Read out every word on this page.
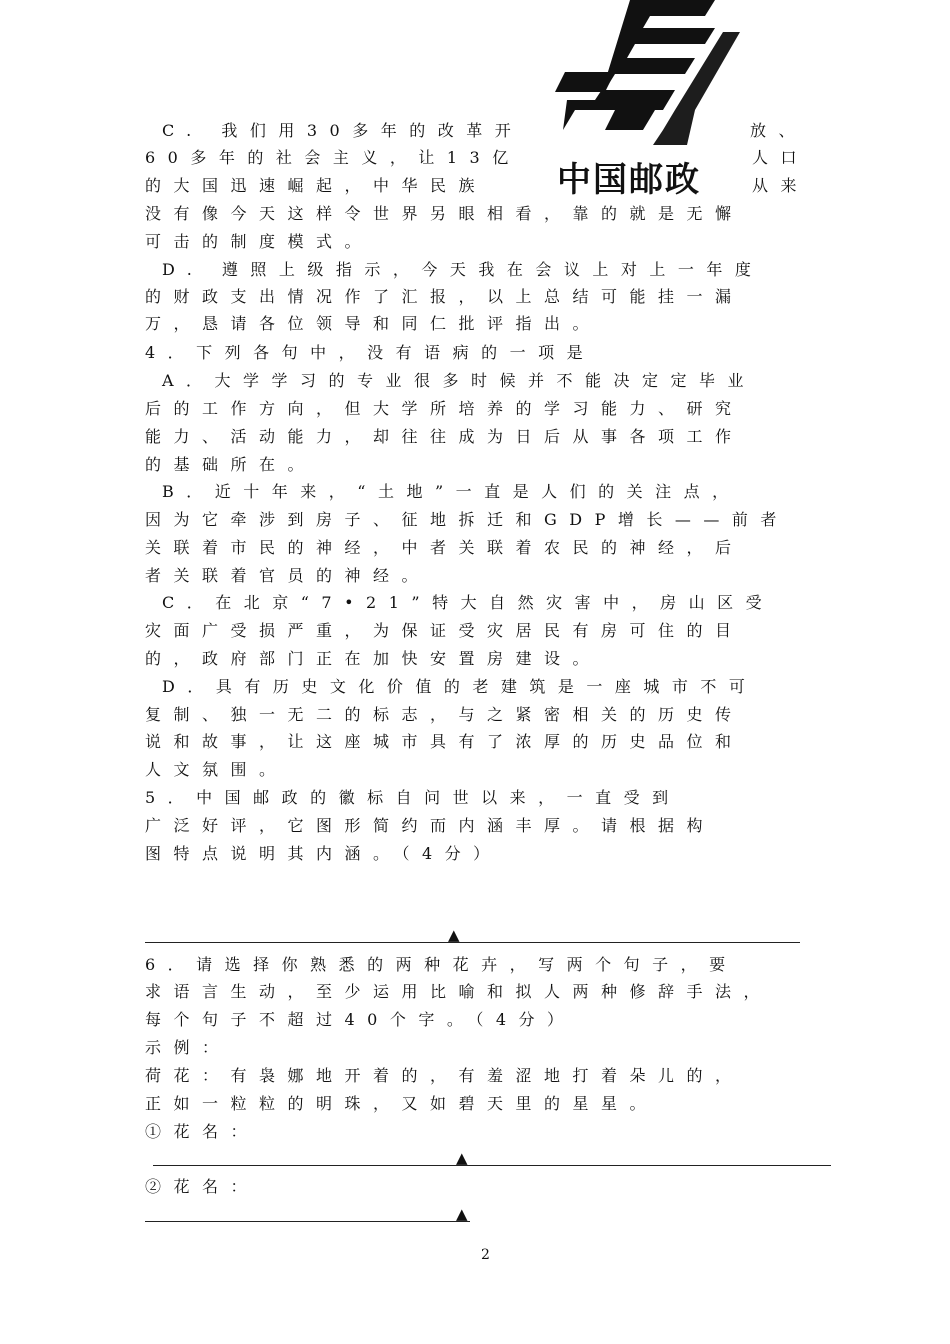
中国邮政
C. 我们用30多年的改革开	放、
60多年的社会主义，让13亿	人口
的大国迅速崛起，中华民族	从来
没有像今天这样令世界另眼相看，靠的就是无懈
可击的制度模式。
D. 遵照上级指示，今天我在会议上对上一年度
的财政支出情况作了汇报，以上总结可能挂一漏
万，恳请各位领导和同仁批评指出。
4．下列各句中，没有语病的一项是
A．大学学习的专业很多时候并不能决定定毕业
后的工作方向，但大学所培养的学习能力、研究
能力、活动能力，却往往成为日后从事各项工作
的基础所在。
B．近十年来，“土地”一直是人们的关注点，
因为它牵涉到房子、征地拆迁和GDP增长——前者
关联着市民的神经，中者关联着农民的神经，后
者关联着官员的神经。
C．在北京“7•21”特大自然灾害中，房山区受
灾面广受损严重，为保证受灾居民有房可住的目
的，政府部门正在加快安置房建设。
D．具有历史文化价值的老建筑是一座城市不可
复制、独一无二的标志，与之紧密相关的历史传
说和故事，让这座城市具有了浓厚的历史品位和
人文氛围。
5．中国邮政的徽标自问世以来，一直受到
广泛好评，它图形简约而内涵丰厚。请根据构
图特点说明其内涵。（4分）
▲
6．请选择你熟悉的两种花卉，写两个句子，要
求语言生动，至少运用比喻和拟人两种修辞手法，
每个句子不超过40个字。（4分）
示例：
荷花：有袅娜地开着的，有羞涩地打着朵儿的，
正如一粒粒的明珠，又如碧天里的星星。
①花名：
▲
②花名：
▲
2
